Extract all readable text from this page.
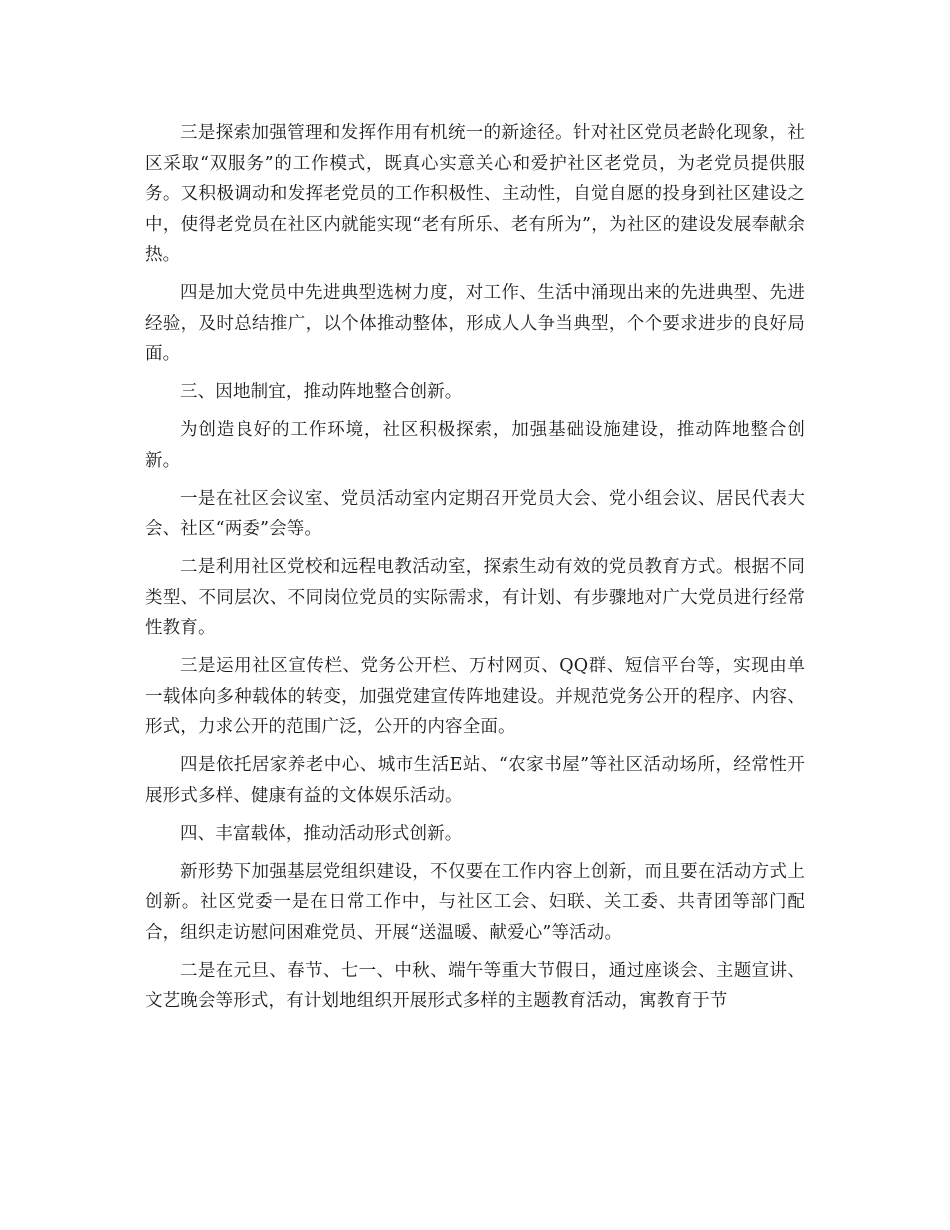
三是探索加强管理和发挥作用有机统一的新途径。针对社区党员老龄化现象，社区采取“双服务”的工作模式，既真心实意关心和爱护社区老党员，为老党员提供服务。又积极调动和发挥老党员的工作积极性、主动性，自觉自愿的投身到社区建设之中，使得老党员在社区内就能实现“老有所乐、老有所为”，为社区的建设发展奉献余热。

四是加大党员中先进典型选树力度，对工作、生活中涌现出来的先进典型、先进经验，及时总结推广，以个体推动整体，形成人人争当典型，个个要求进步的良好局面。

三、因地制宜，推动阵地整合创新。

为创造良好的工作环境，社区积极探索，加强基础设施建设，推动阵地整合创新。

一是在社区会议室、党员活动室内定期召开党员大会、党小组会议、居民代表大会、社区“两委”会等。

二是利用社区党校和远程电教活动室，探索生动有效的党员教育方式。根据不同类型、不同层次、不同岗位党员的实际需求，有计划、有步骤地对广大党员进行经常性教育。

三是运用社区宣传栏、党务公开栏、万村网页、QQ群、短信平台等，实现由单一载体向多种载体的转变，加强党建宣传阵地建设。并规范党务公开的程序、内容、形式，力求公开的范围广泛，公开的内容全面。

四是依托居家养老中心、城市生活E站、“农家书屋”等社区活动场所，经常性开展形式多样、健康有益的文体娱乐活动。

四、丰富载体，推动活动形式创新。

新形势下加强基层党组织建设，不仅要在工作内容上创新，而且要在活动方式上创新。社区党委一是在日常工作中，与社区工会、妇联、关工委、共青团等部门配合，组织走访慰问困难党员、开展“送温暖、献爱心”等活动。

二是在元旦、春节、七一、中秋、端午等重大节假日，通过座谈会、主题宣讲、文艺晚会等形式，有计划地组织开展形式多样的主题教育活动，寓教育于节
